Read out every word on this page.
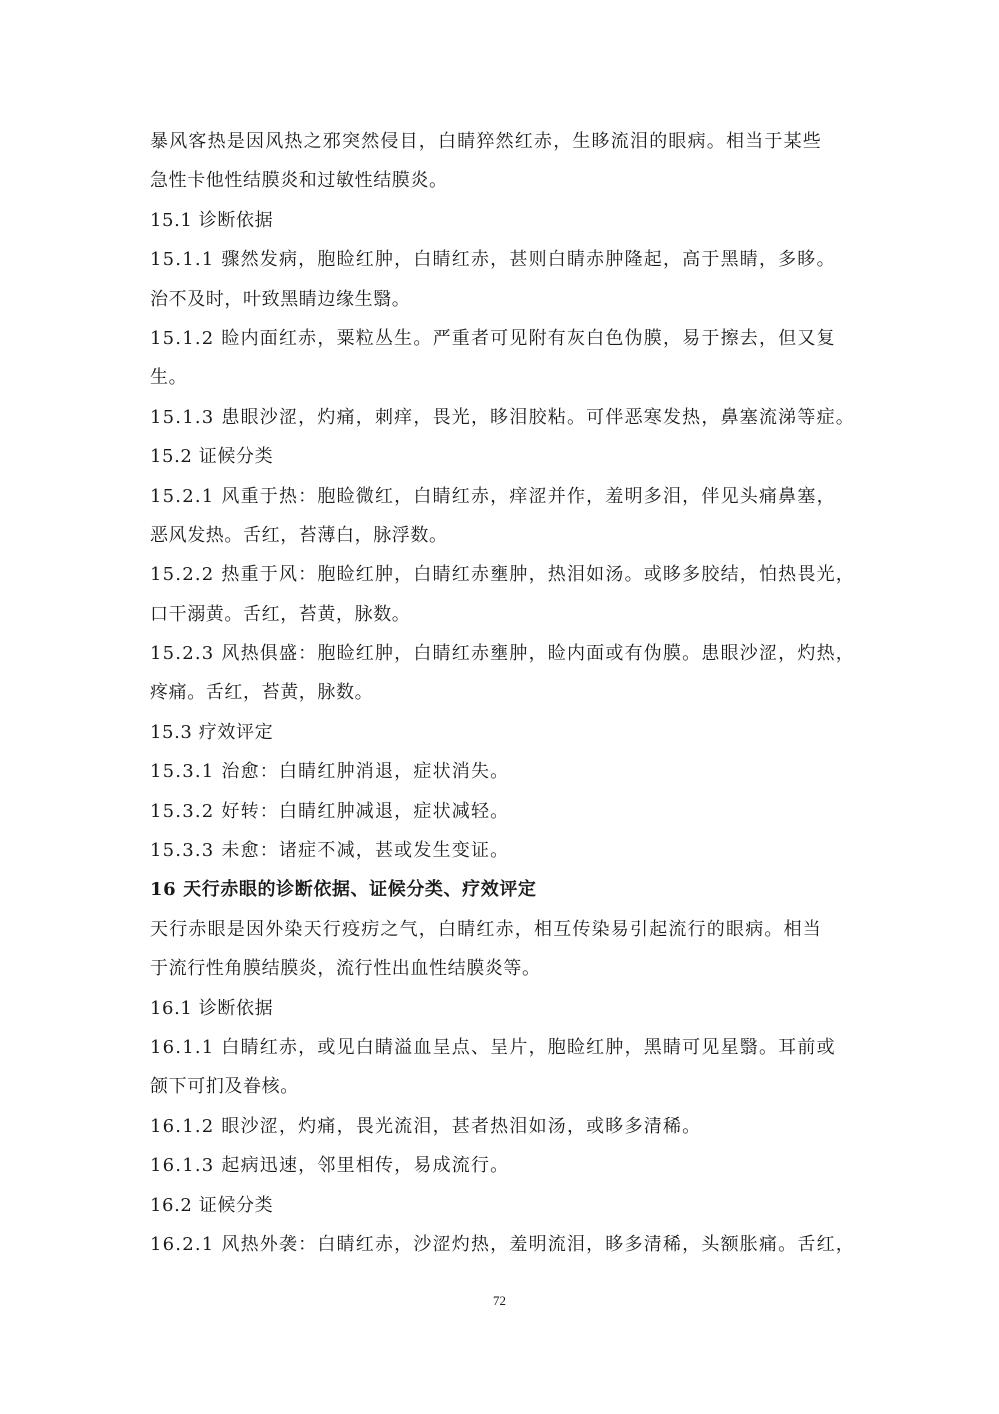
暴风客热是因风热之邪突然侵目，白睛猝然红赤，生眵流泪的眼病。相当于某些
急性卡他性结膜炎和过敏性结膜炎。
15.1 诊断依据
15.1.1 骤然发病，胞睑红肿，白睛红赤，甚则白睛赤肿隆起，高于黑睛，多眵。
治不及时，叶致黑睛边缘生翳。
15.1.2 睑内面红赤，粟粒丛生。严重者可见附有灰白色伪膜，易于擦去，但又复
生。
15.1.3 患眼沙涩，灼痛，刺痒，畏光，眵泪胶粘。可伴恶寒发热，鼻塞流涕等症。
15.2 证候分类
15.2.1 风重于热：胞睑微红，白睛红赤，痒涩并作，羞明多泪，伴见头痛鼻塞，
恶风发热。舌红，苔薄白，脉浮数。
15.2.2 热重于风：胞睑红肿，白睛红赤壅肿，热泪如汤。或眵多胶结，怕热畏光，
口干溺黄。舌红，苔黄，脉数。
15.2.3 风热俱盛：胞睑红肿，白睛红赤壅肿，睑内面或有伪膜。患眼沙涩，灼热，
疼痛。舌红，苔黄，脉数。
15.3 疗效评定
15.3.1 治愈：白睛红肿消退，症状消失。
15.3.2 好转：白睛红肿减退，症状减轻。
15.3.3 未愈：诸症不减，甚或发生变证。
16 天行赤眼的诊断依据、证候分类、疗效评定
天行赤眼是因外染天行疫疠之气，白睛红赤，相互传染易引起流行的眼病。相当
于流行性角膜结膜炎，流行性出血性结膜炎等。
16.1 诊断依据
16.1.1 白睛红赤，或见白睛溢血呈点、呈片，胞睑红肿，黑睛可见星翳。耳前或
颌下可扪及眷核。
16.1.2 眼沙涩，灼痛，畏光流泪，甚者热泪如汤，或眵多清稀。
16.1.3 起病迅速，邻里相传，易成流行。
16.2 证候分类
16.2.1 风热外袭：白睛红赤，沙涩灼热，羞明流泪，眵多清稀，头额胀痛。舌红，
72
